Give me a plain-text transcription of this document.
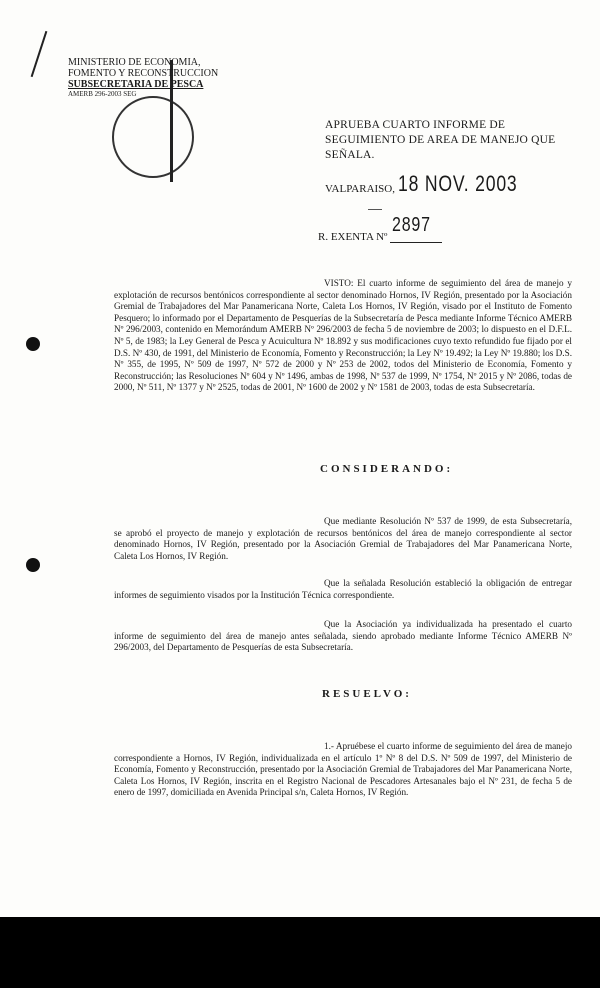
MINISTERIO DE ECONOMIA,
FOMENTO Y RECONSTRUCCION
SUBSECRETARIA DE PESCA
AMERB 296-2003 SEG
APRUEBA CUARTO INFORME DE SEGUIMIENTO DE AREA DE MANEJO QUE SEÑALA.
VALPARAISO, 18 NOV. 2003
R. EXENTA Nº
2897
VISTO: El cuarto informe de seguimiento del área de manejo y explotación de recursos bentónicos correspondiente al sector denominado Hornos, IV Región, presentado por la Asociación Gremial de Trabajadores del Mar Panamericana Norte, Caleta Los Hornos, IV Región, visado por el Instituto de Fomento Pesquero; lo informado por el Departamento de Pesquerías de la Subsecretaría de Pesca mediante Informe Técnico AMERB Nº 296/2003, contenido en Memorándum AMERB Nº 296/2003 de fecha 5 de noviembre de 2003; lo dispuesto en el D.F.L. Nº 5, de 1983; la Ley General de Pesca y Acuicultura Nº 18.892 y sus modificaciones cuyo texto refundido fue fijado por el D.S. Nº 430, de 1991, del Ministerio de Economía, Fomento y Reconstrucción; la Ley Nº 19.492; la Ley Nº 19.880; los D.S. Nº 355, de 1995, Nº 509 de 1997, Nº 572 de 2000 y Nº 253 de 2002, todos del Ministerio de Economía, Fomento y Reconstrucción; las Resoluciones Nº 604 y Nº 1496, ambas de 1998, Nº 537 de 1999, Nº 1754, Nº 2015 y Nº 2086, todas de 2000, Nº 511, Nº 1377 y Nº 2525, todas de 2001, Nº 1600 de 2002 y Nº 1581 de 2003, todas de esta Subsecretaría.
CONSIDERANDO:
Que mediante Resolución Nº 537 de 1999, de esta Subsecretaría, se aprobó el proyecto de manejo y explotación de recursos bentónicos del área de manejo correspondiente al sector denominado Hornos, IV Región, presentado por la Asociación Gremial de Trabajadores del Mar Panamericana Norte, Caleta Los Hornos, IV Región.
Que la señalada Resolución estableció la obligación de entregar informes de seguimiento visados por la Institución Técnica correspondiente.
Que la Asociación ya individualizada ha presentado el cuarto informe de seguimiento del área de manejo antes señalada, siendo aprobado mediante Informe Técnico AMERB Nº 296/2003, del Departamento de Pesquerías de esta Subsecretaría.
RESUELVO:
1.- Apruébese el cuarto informe de seguimiento del área de manejo correspondiente a Hornos, IV Región, individualizada en el artículo 1º Nº 8 del D.S. Nº 509 de 1997, del Ministerio de Economía, Fomento y Reconstrucción, presentado por la Asociación Gremial de Trabajadores del Mar Panamericana Norte, Caleta Los Hornos, IV Región, inscrita en el Registro Nacional de Pescadores Artesanales bajo el Nº 231, de fecha 5 de enero de 1997, domiciliada en Avenida Principal s/n, Caleta Hornos, IV Región.
